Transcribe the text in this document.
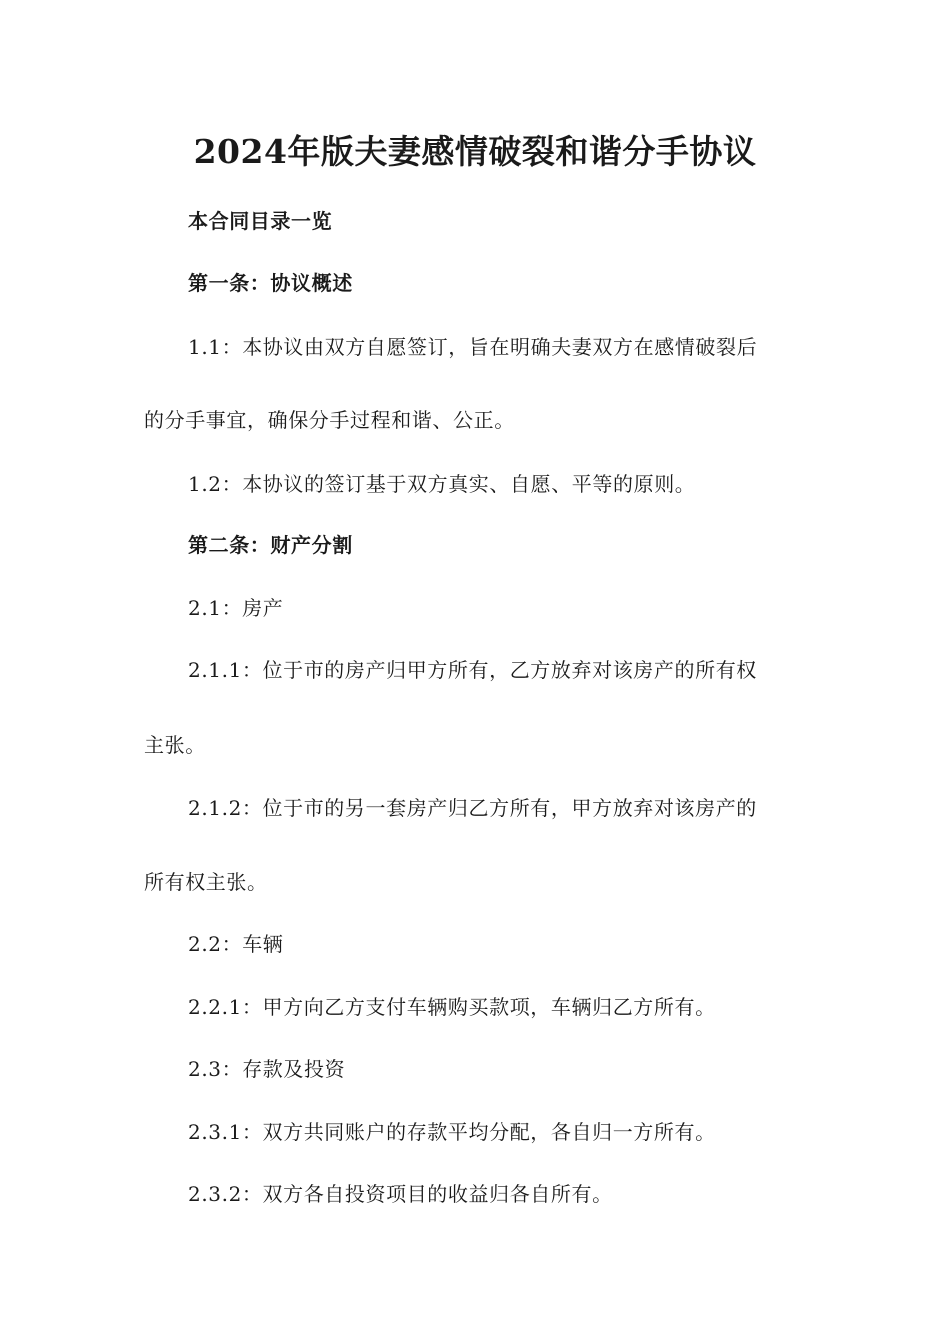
2024年版夫妻感情破裂和谐分手协议
本合同目录一览
第一条：协议概述
1.1：本协议由双方自愿签订，旨在明确夫妻双方在感情破裂后
的分手事宜，确保分手过程和谐、公正。
1.2：本协议的签订基于双方真实、自愿、平等的原则。
第二条：财产分割
2.1：房产
2.1.1：位于市的房产归甲方所有，乙方放弃对该房产的所有权
主张。
2.1.2：位于市的另一套房产归乙方所有，甲方放弃对该房产的
所有权主张。
2.2：车辆
2.2.1：甲方向乙方支付车辆购买款项，车辆归乙方所有。
2.3：存款及投资
2.3.1：双方共同账户的存款平均分配，各自归一方所有。
2.3.2：双方各自投资项目的收益归各自所有。
